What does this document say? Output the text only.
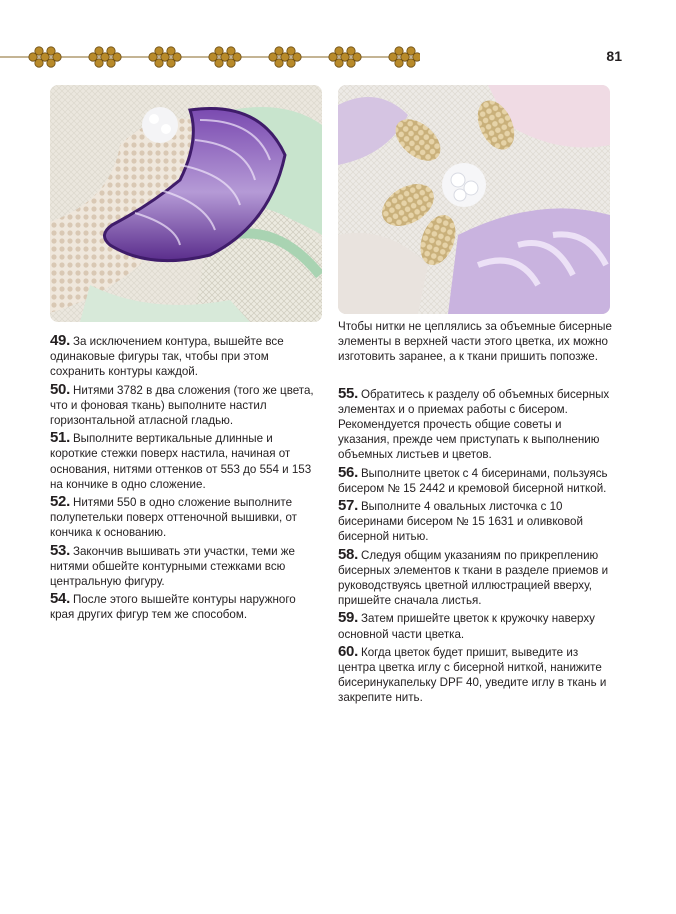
81

49. За исключением контура, вышейте все одинаковые фигуры так, чтобы при этом сохранить контуры каждой.

50. Нитями 3782 в два сложения (того же цвета, что и фоновая ткань) выполните настил горизонтальной атласной гладью.

51. Выполните вертикальные длинные и короткие стежки поверх настила, начиная от основания, нитями оттенков от 553 до 554 и 153 на кончике в одно сложение.

52. Нитями 550 в одно сложение выполните полупетельки поверх оттеночной вышивки, от кончика к основанию.

53. Закончив вышивать эти участки, теми же нитями обшейте контурными стежками всю центральную фигуру.

54. После этого вышейте контуры наружного края других фигур тем же способом.

Чтобы нитки не цеплялись за объемные бисерные элементы в верхней части этого цветка, их можно изготовить заранее, а к ткани пришить попозже.

55. Обратитесь к разделу об объемных бисерных элементах и о приемах работы с бисером. Рекомендуется прочесть общие советы и указания, прежде чем приступать к выполнению объемных листьев и цветов.

56. Выполните цветок с 4 бисеринами, пользуясь бисером № 15 2442 и кремовой бисерной ниткой.

57. Выполните 4 овальных листочка с 10 бисеринами бисером № 15 1631 и оливковой бисерной нитью.

58. Следуя общим указаниям по прикреплению бисерных элементов к ткани в разделе приемов и руководствуясь цветной иллюстрацией вверху, пришейте сначала листья.

59. Затем пришейте цветок к кружочку наверху основной части цветка.

60. Когда цветок будет пришит, выведите из центра цветка иглу с бисерной ниткой, нанижите бисеринукапельку DPF 40, уведите иглу в ткань и закрепите нить.
